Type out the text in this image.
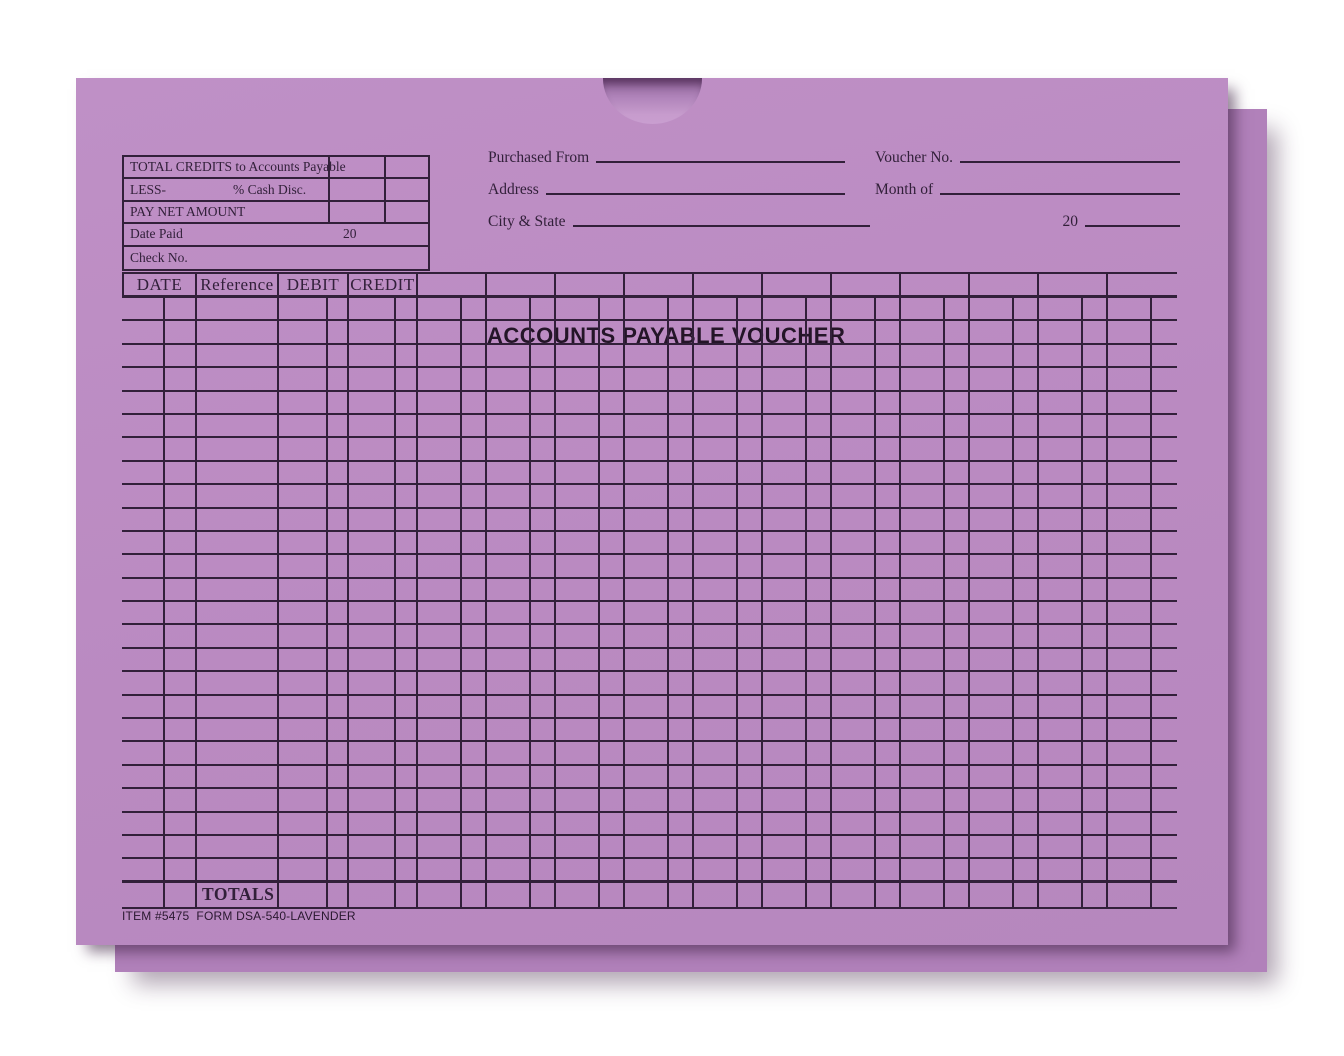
TOTAL CREDITS to Accounts Payable
LESS-	% Cash Disc.
PAY NET AMOUNT
Date Paid	20
Check No.
Purchased From	Voucher No.
Address	Month of
City & State	20
ACCOUNTS PAYABLE VOUCHER
DATE	Reference DEBIT CREDIT
TOTALS
ITEM #5475  FORM DSA-540-LAVENDER
